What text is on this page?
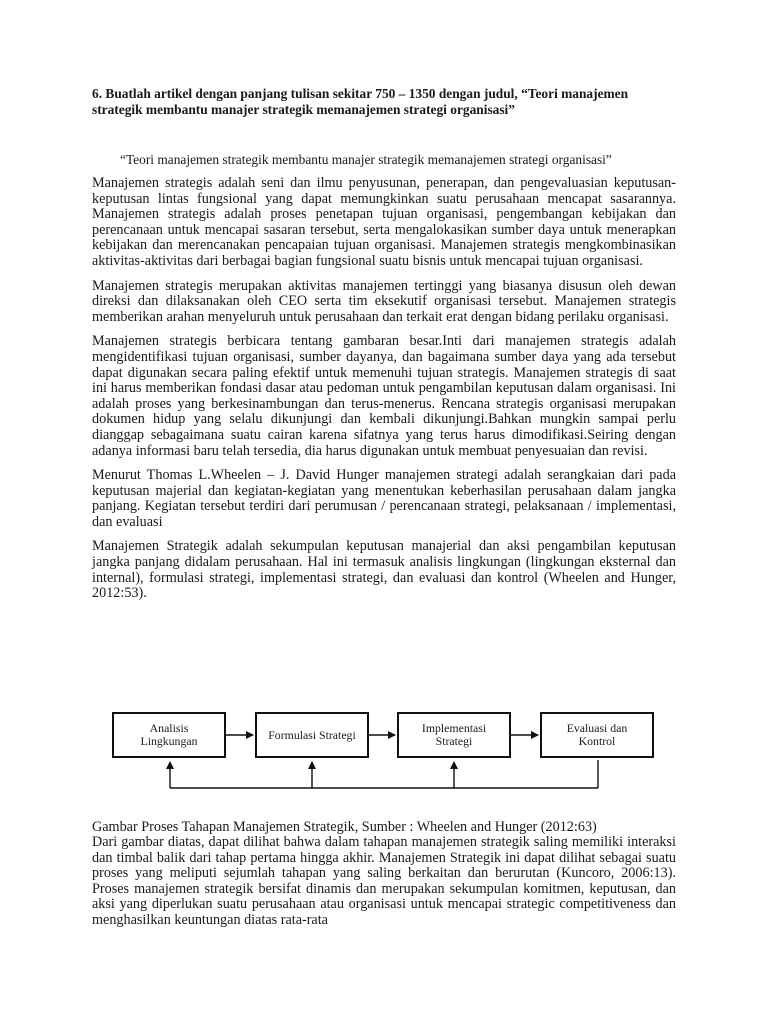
6. Buatlah artikel dengan panjang tulisan sekitar 750 – 1350 dengan judul, “Teori manajemen strategik membantu manajer strategik memanajemen strategi organisasi”

“Teori manajemen strategik membantu manajer strategik memanajemen strategi organisasi”

Manajemen strategis adalah seni dan ilmu penyusunan, penerapan, dan pengevaluasian keputusan-keputusan lintas fungsional yang dapat memungkinkan suatu perusahaan mencapat sasarannya. Manajemen strategis adalah proses penetapan tujuan organisasi, pengembangan kebijakan dan perencanaan untuk mencapai sasaran tersebut, serta mengalokasikan sumber daya untuk menerapkan kebijakan dan merencanakan pencapaian tujuan organisasi. Manajemen strategis mengkombinasikan aktivitas-aktivitas dari berbagai bagian fungsional suatu bisnis untuk mencapai tujuan organisasi.

Manajemen strategis merupakan aktivitas manajemen tertinggi yang biasanya disusun oleh dewan direksi dan dilaksanakan oleh CEO serta tim eksekutif organisasi tersebut. Manajemen strategis memberikan arahan menyeluruh untuk perusahaan dan terkait erat dengan bidang perilaku organisasi.

Manajemen strategis berbicara tentang gambaran besar.Inti dari manajemen strategis adalah mengidentifikasi tujuan organisasi, sumber dayanya, dan bagaimana sumber daya yang ada tersebut dapat digunakan secara paling efektif untuk memenuhi tujuan strategis. Manajemen strategis di saat ini harus memberikan fondasi dasar atau pedoman untuk pengambilan keputusan dalam organisasi. Ini adalah proses yang berkesinambungan dan terus-menerus. Rencana strategis organisasi merupakan dokumen hidup yang selalu dikunjungi dan kembali dikunjungi.Bahkan mungkin sampai perlu dianggap sebagaimana suatu cairan karena sifatnya yang terus harus dimodifikasi.Seiring dengan adanya informasi baru telah tersedia, dia harus digunakan untuk membuat penyesuaian dan revisi.

Menurut Thomas L.Wheelen – J. David Hunger manajemen strategi adalah serangkaian dari pada keputusan majerial dan kegiatan-kegiatan yang menentukan keberhasilan perusahaan dalam jangka panjang. Kegiatan tersebut terdiri dari perumusan / perencanaan strategi, pelaksanaan / implementasi, dan evaluasi

Manajemen Strategik adalah sekumpulan keputusan manajerial dan aksi pengambilan keputusan jangka panjang didalam perusahaan. Hal ini termasuk analisis lingkungan (lingkungan eksternal dan internal), formulasi strategi, implementasi strategi, dan evaluasi dan kontrol (Wheelen and Hunger, 2012:53).

Analisis Lingkungan	Formulasi Strategi	Implementasi Strategi
Evaluasi dan Kontrol

Gambar Proses Tahapan Manajemen Strategik, Sumber : Wheelen and Hunger (2012:63)

Dari gambar diatas, dapat dilihat bahwa dalam tahapan manajemen strategik saling memiliki interaksi dan timbal balik dari tahap pertama hingga akhir. Manajemen Strategik ini dapat dilihat sebagai suatu proses yang meliputi sejumlah tahapan yang saling berkaitan dan berurutan (Kuncoro, 2006:13). Proses manajemen strategik bersifat dinamis dan merupakan sekumpulan komitmen, keputusan, dan aksi yang diperlukan suatu perusahaan atau organisasi untuk mencapai strategic competitiveness dan menghasilkan keuntungan diatas rata-rata
